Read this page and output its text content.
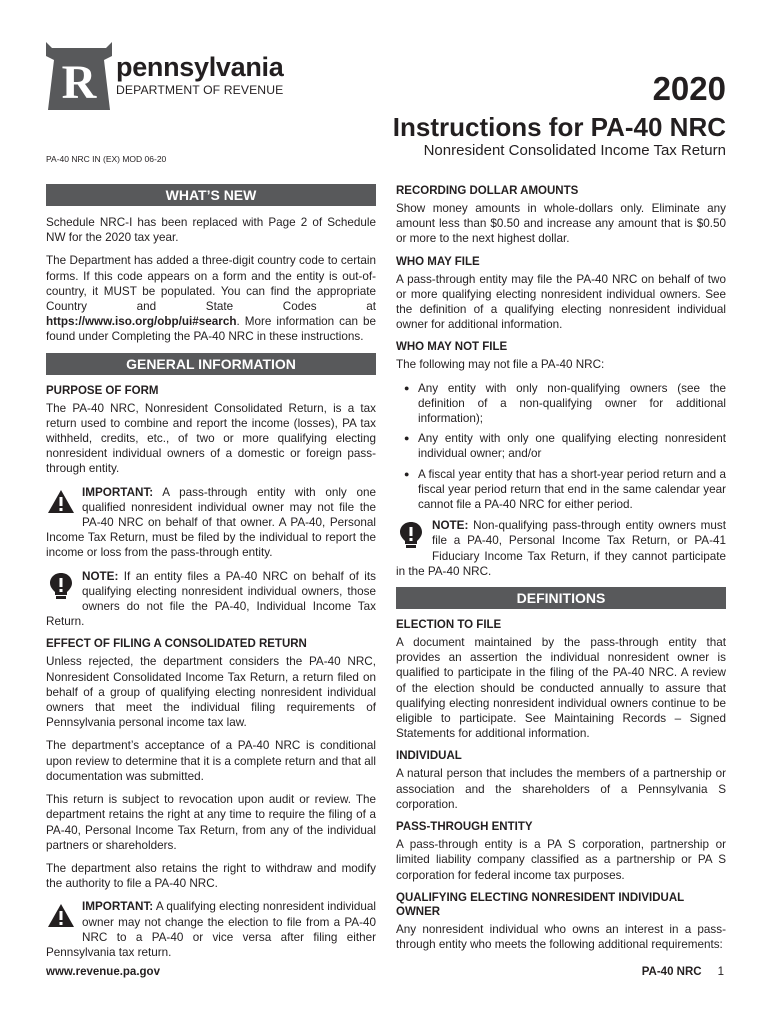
R pennsylvania
DEPARTMENT OF REVENUE	2020
Instructions for PA-40 NRC
Nonresident Consolidated Income Tax Return
PA-40 NRC IN (EX) MOD 06-20
WHAT’S NEW

Schedule NRC-I has been replaced with Page 2 of Schedule NW for the 2020 tax year.

The Department has added a three-digit country code to certain forms. If this code appears on a form and the entity is out-of-country, it MUST be populated. You can find the appropriate Country and State Codes at https://www.iso.org/obp/ui#search. More information can be found under Completing the PA-40 NRC in these instructions.

GENERAL INFORMATION
PURPOSE OF FORM

The PA-40 NRC, Nonresident Consolidated Return, is a tax return used to combine and report the income (losses), PA tax withheld, credits, etc., of two or more qualifying electing nonresident individual owners of a domestic or foreign pass-through entity.

IMPORTANT: A pass-through entity with only one qualified nonresident individual owner may not file the PA-40 NRC on behalf of that owner. A PA-40, Personal Income Tax Return, must be filed by the individual to report the income or loss from the pass-through entity.

NOTE: If an entity files a PA-40 NRC on behalf of its qualifying electing nonresident individual owners, those owners do not file the PA-40, Individual Income Tax Return.

EFFECT OF FILING A CONSOLIDATED RETURN

Unless rejected, the department considers the PA-40 NRC, Nonresident Consolidated Income Tax Return, a return filed on behalf of a group of qualifying electing nonresident individual owners that meet the individual filing requirements of Pennsylvania personal income tax law.

The department’s acceptance of a PA-40 NRC is conditional upon review to determine that it is a complete return and that all documentation was submitted.

This return is subject to revocation upon audit or review. The department retains the right at any time to require the filing of a PA-40, Personal Income Tax Return, from any of the individual partners or shareholders.

The department also retains the right to withdraw and modify the authority to file a PA-40 NRC.

IMPORTANT: A qualifying electing nonresident individual owner may not change the election to file from a PA-40 NRC to a PA-40 or vice versa after filing either Pennsylvania tax return.

RECORDING DOLLAR AMOUNTS

Show money amounts in whole-dollars only. Eliminate any amount less than $0.50 and increase any amount that is $0.50 or more to the next highest dollar.

WHO MAY FILE

A pass-through entity may file the PA-40 NRC on behalf of two or more qualifying electing nonresident individual owners. See the definition of a qualifying electing nonresident individual owner for additional information.

WHO MAY NOT FILE

The following may not file a PA-40 NRC:

● Any entity with only non-qualifying owners (see the definition of a non-qualifying owner for additional information);
● Any entity with only one qualifying electing nonresident individual owner; and/or
● A fiscal year entity that has a short-year period return and a fiscal year period return that end in the same calendar year cannot file a PA-40 NRC for either period.

NOTE: Non-qualifying pass-through entity owners must file a PA-40, Personal Income Tax Return, or PA-41 Fiduciary Income Tax Return, if they cannot participate in the PA-40 NRC.

DEFINITIONS
ELECTION TO FILE

A document maintained by the pass-through entity that provides an assertion the individual nonresident owner is qualified to participate in the filing of the PA-40 NRC. A review of the election should be conducted annually to assure that qualifying electing nonresident individual owners continue to be eligible to participate. See Maintaining Records – Signed Statements for additional information.

INDIVIDUAL

A natural person that includes the members of a partnership or association and the shareholders of a Pennsylvania S corporation.

PASS-THROUGH ENTITY

A pass-through entity is a PA S corporation, partnership or limited liability company classified as a partnership or PA S corporation for federal income tax purposes.

QUALIFYING ELECTING NONRESIDENT INDIVIDUAL OWNER

Any nonresident individual who owns an interest in a pass-through entity who meets the following additional requirements:

www.revenue.pa.gov	PA-40 NRC 1
